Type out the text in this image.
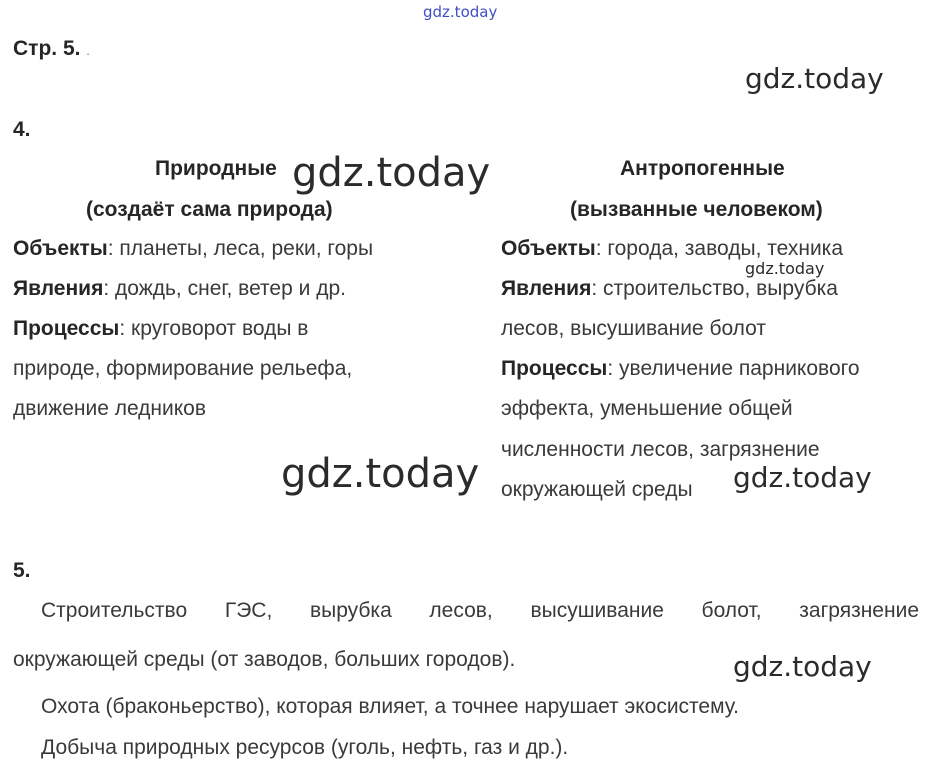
gdz.today
gdz.today
gdz.today
gdz.today
gdz.today	gdz.today
gdz.today
Стр. 5. .
4.
Природные
(создаёт сама природа)
Объекты: планеты, леса, реки, горы
Явления: дождь, снег, ветер и др.
Процессы: круговорот воды в
природе, формирование рельефа,
движение ледников
Антропогенные
(вызванные человеком)
Объекты: города, заводы, техника
Явления: строительство, вырубка
лесов, высушивание болот
Процессы: увеличение парникового
эффекта, уменьшение общей
численности лесов, загрязнение
окружающей среды
5.
Строительство ГЭС, вырубка лесов, высушивание болот, загрязнение
окружающей среды (от заводов, больших городов).
Охота (браконьерство), которая влияет, а точнее нарушает экосистему.
Добыча природных ресурсов (уголь, нефть, газ и др.).
